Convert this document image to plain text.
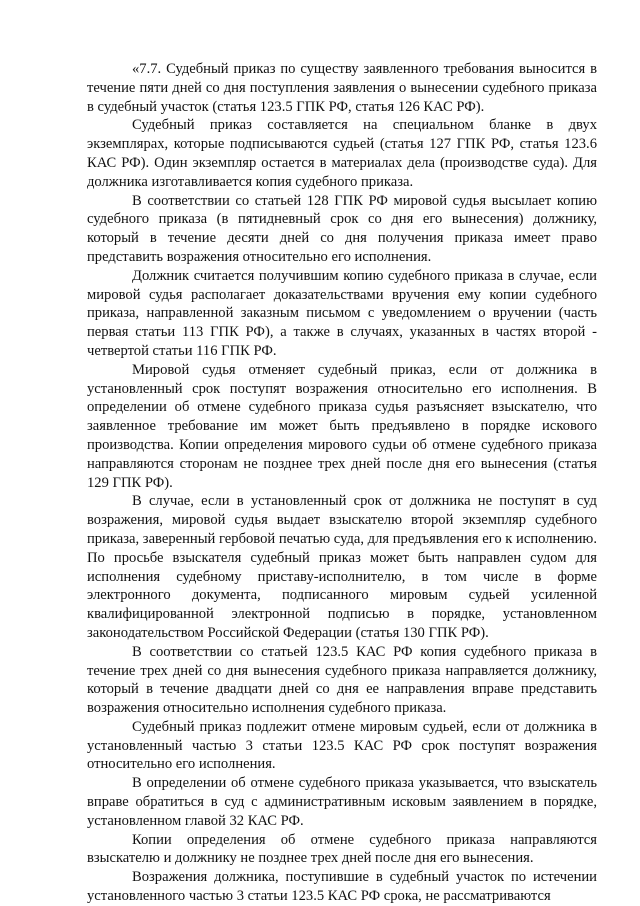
«7.7. Судебный приказ по существу заявленного требования выносится в течение пяти дней со дня поступления заявления о вынесении судебного приказа в судебный участок (статья 123.5 ГПК РФ, статья 126 КАС РФ).

Судебный приказ составляется на специальном бланке в двух экземплярах, которые подписываются судьей (статья 127 ГПК РФ, статья 123.6 КАС РФ). Один экземпляр остается в материалах дела (производстве суда). Для должника изготавливается копия судебного приказа.

В соответствии со статьей 128 ГПК РФ мировой судья высылает копию судебного приказа (в пятидневный срок со дня его вынесения) должнику, который в течение десяти дней со дня получения приказа имеет право представить возражения относительно его исполнения.

Должник считается получившим копию судебного приказа в случае, если мировой судья располагает доказательствами вручения ему копии судебного приказа, направленной заказным письмом с уведомлением о вручении (часть первая статьи 113 ГПК РФ), а также в случаях, указанных в частях второй - четвертой статьи 116 ГПК РФ.

Мировой судья отменяет судебный приказ, если от должника в установленный срок поступят возражения относительно его исполнения. В определении об отмене судебного приказа судья разъясняет взыскателю, что заявленное требование им может быть предъявлено в порядке искового производства. Копии определения мирового судьи об отмене судебного приказа направляются сторонам не позднее трех дней после дня его вынесения (статья 129 ГПК РФ).

В случае, если в установленный срок от должника не поступят в суд возражения, мировой судья выдает взыскателю второй экземпляр судебного приказа, заверенный гербовой печатью суда, для предъявления его к исполнению. По просьбе взыскателя судебный приказ может быть направлен судом для исполнения судебному приставу-исполнителю, в том числе в форме электронного документа, подписанного мировым судьей усиленной квалифицированной электронной подписью в порядке, установленном законодательством Российской Федерации (статья 130 ГПК РФ).

В соответствии со статьей 123.5 КАС РФ копия судебного приказа в течение трех дней со дня вынесения судебного приказа направляется должнику, который в течение двадцати дней со дня ее направления вправе представить возражения относительно исполнения судебного приказа.

Судебный приказ подлежит отмене мировым судьей, если от должника в установленный частью 3 статьи 123.5 КАС РФ срок поступят возражения относительно его исполнения.

В определении об отмене судебного приказа указывается, что взыскатель вправе обратиться в суд с административным исковым заявлением в порядке, установленном главой 32 КАС РФ.

Копии определения об отмене судебного приказа направляются взыскателю и должнику не позднее трех дней после дня его вынесения.

Возражения должника, поступившие в судебный участок по истечении установленного частью 3 статьи 123.5 КАС РФ срока, не рассматриваются
